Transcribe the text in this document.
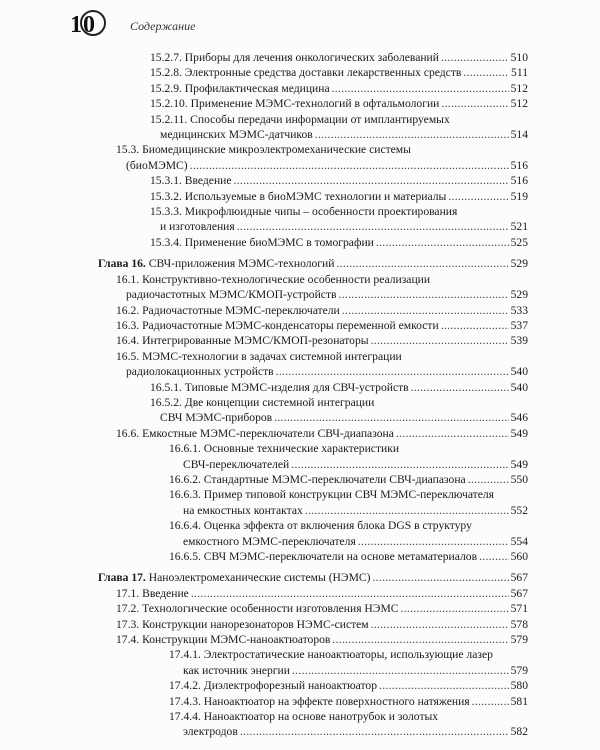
10	Содержание
15.2.7. Приборы для лечения онкологических заболеваний .....	510
15.2.8. Электронные средства доставки лекарственных средств .....	511
15.2.9. Профилактическая медицина .....	512
15.2.10. Применение МЭМС-технологий в офтальмологии .....	512
15.2.11. Способы передачи информации от имплантируемых
медицинских МЭМС-датчиков .....	514
15.3. Биомедицинские микроэлектромеханические системы
(биоМЭМС) .....	516
15.3.1. Введение .....	516
15.3.2. Используемые в биоМЭМС технологии и материалы .....	519
15.3.3. Микрофлюидные чипы – особенности проектирования
и изготовления .....	521
15.3.4. Применение биоМЭМС в томографии .....	525
Глава 16. СВЧ-приложения МЭМС-технологий .....	529
16.1. Конструктивно-технологические особенности реализации
радиочастотных МЭМС/КМОП-устройств .....	529
16.2. Радиочастотные МЭМС-переключатели .....	533
16.3. Радиочастотные МЭМС-конденсаторы переменной емкости .....	537
16.4. Интегрированные МЭМС/КМОП-резонаторы .....	539
16.5. МЭМС-технологии в задачах системной интеграции
радиолокационных устройств .....	540
16.5.1. Типовые МЭМС-изделия для СВЧ-устройств .....	540
16.5.2. Две концепции системной интеграции
СВЧ МЭМС-приборов .....	546
16.6. Емкостные МЭМС-переключатели СВЧ-диапазона .....	549
16.6.1. Основные технические характеристики
СВЧ-переключателей .....	549
16.6.2. Стандартные МЭМС-переключатели СВЧ-диапазона .....	550
16.6.3. Пример типовой конструкции СВЧ МЭМС-переключателя
на емкостных контактах .....	552
16.6.4. Оценка эффекта от включения блока DGS в структуру
емкостного МЭМС-переключателя .....	554
16.6.5. СВЧ МЭМС-переключатели на основе метаматериалов .....	560
Глава 17. Наноэлектромеханические системы (НЭМС) .....	567
17.1. Введение .....	567
17.2. Технологические особенности изготовления НЭМС .....	571
17.3. Конструкции нанорезонаторов НЭМС-систем .....	578
17.4. Конструкции МЭМС-наноактюаторов .....	579
17.4.1. Электростатические наноактюаторы, использующие лазер
как источник энергии .....	579
17.4.2. Диэлектрофорезный наноактюатор .....	580
17.4.3. Наноактюатор на эффекте поверхностного натяжения .....	581
17.4.4. Наноактюатор на основе нанотрубок и золотых
электродов .....	582
